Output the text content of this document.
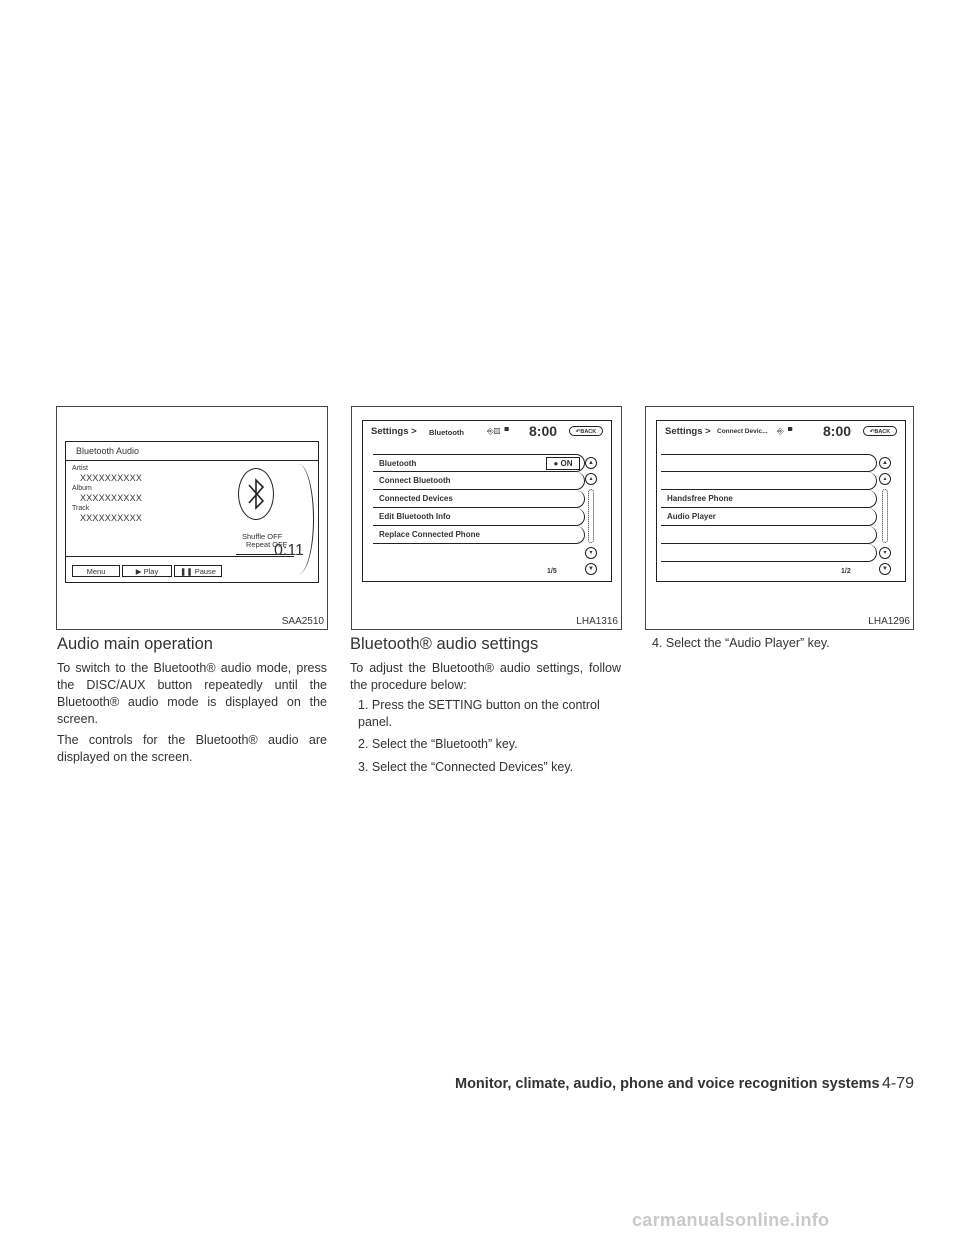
Bluetooth Audio
Artist
XXXXXXXXXX
Album
XXXXXXXXXX
Track
XXXXXXXXXX
Shuffle OFF
Repeat OFF
0:11
Menu	▶ Play	❚❚ Pause
SAA2510
Settings > Bluetooth	⎆▧▘ 8:00	↶BACK
Bluetooth	● ON
Connect Bluetooth
Connected Devices
Edit Bluetooth Info
Replace Connected Phone
▲
▴
▾
▼
1/5
LHA1316
Settings > Connect Devic... ⎆▘ 8:00	↶BACK
Handsfree Phone
Audio Player
▲
▴
▾
▼
1/2
LHA1296
Audio main operation

To switch to the Bluetooth® audio mode, press the DISC/AUX button repeatedly until the Bluetooth® audio mode is displayed on the screen.

The controls for the Bluetooth® audio are displayed on the screen.

Bluetooth® audio settings

To adjust the Bluetooth® audio settings, follow the procedure below:

1. Press the SETTING button on the control panel.

2. Select the “Bluetooth” key.

3. Select the “Connected Devices” key.

4. Select the “Audio Player” key.

Monitor, climate, audio, phone and voice recognition systems 4-79
carmanualsonline.info
